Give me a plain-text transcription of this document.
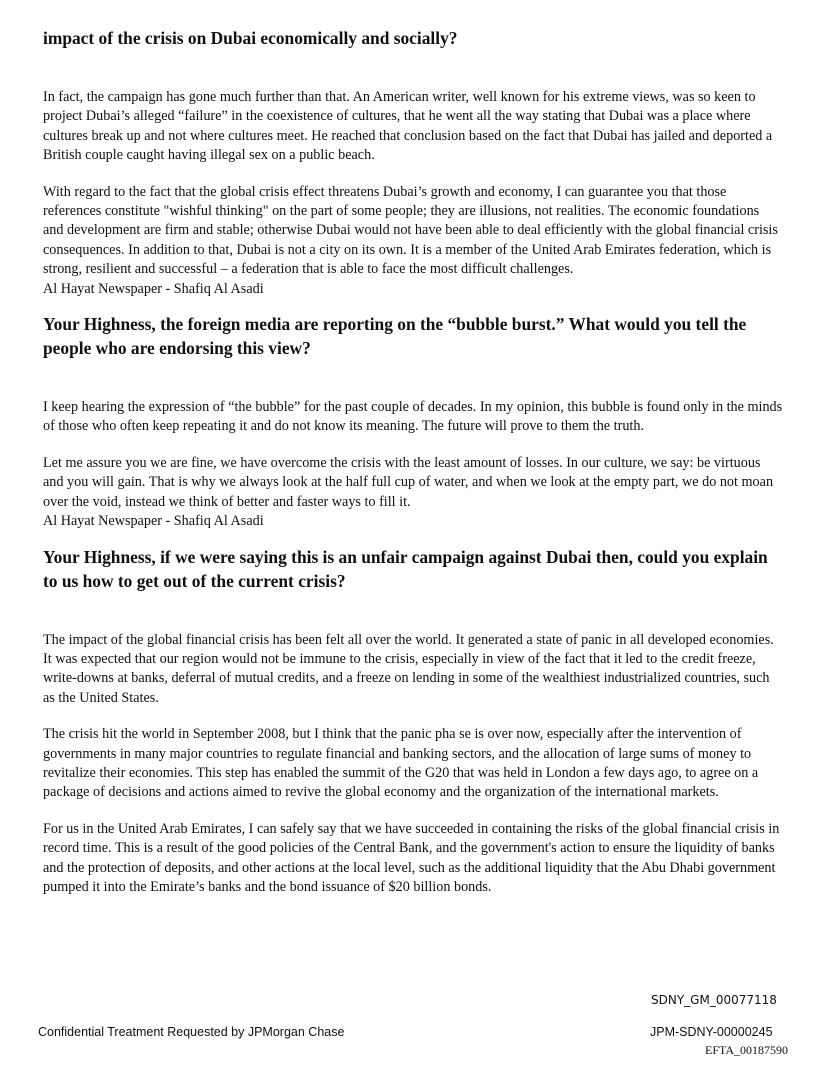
impact of the crisis on Dubai economically and socially?

In fact, the campaign has gone much further than that. An American writer, well known for his extreme views, was so keen to project Dubai’s alleged “failure” in the coexistence of cultures, that he went all the way stating that Dubai was a place where cultures break up and not where cultures meet. He reached that conclusion based on the fact that Dubai has jailed and deported a British couple caught having illegal sex on a public beach.

With regard to the fact that the global crisis effect threatens Dubai’s growth and economy, I can guarantee you that those references constitute "wishful thinking" on the part of some people; they are illusions, not realities. The economic foundations and development are firm and stable; otherwise Dubai would not have been able to deal efficiently with the global financial crisis consequences. In addition to that, Dubai is not a city on its own. It is a member of the United Arab Emirates federation, which is strong, resilient and successful – a federation that is able to face the most difficult challenges.

Al Hayat Newspaper - Shafiq Al Asadi

Your Highness, the foreign media are reporting on the “bubble burst.” What would you tell the people who are endorsing this view?

I keep hearing the expression of “the bubble” for the past couple of decades. In my opinion, this bubble is found only in the minds of those who often keep repeating it and do not know its meaning. The future will prove to them the truth.

Let me assure you we are fine, we have overcome the crisis with the least amount of losses. In our culture, we say: be virtuous and you will gain. That is why we always look at the half full cup of water, and when we look at the empty part, we do not moan over the void, instead we think of better and faster ways to fill it.

Al Hayat Newspaper - Shafiq Al Asadi

Your Highness, if we were saying this is an unfair campaign against Dubai then, could you explain to us how to get out of the current crisis?

The impact of the global financial crisis has been felt all over the world. It generated a state of panic in all developed economies. It was expected that our region would not be immune to the crisis, especially in view of the fact that it led to the credit freeze, write-downs at banks, deferral of mutual credits, and a freeze on lending in some of the wealthiest industrialized countries, such as the United States.

The crisis hit the world in September 2008, but I think that the panic pha se is over now, especially after the intervention of governments in many major countries to regulate financial and banking sectors, and the allocation of large sums of money to revitalize their economies. This step has enabled the summit of the G20 that was held in London a few days ago, to agree on a package of decisions and actions aimed to revive the global economy and the organization of the international markets.

For us in the United Arab Emirates, I can safely say that we have succeeded in containing the risks of the global financial crisis in record time. This is a result of the good policies of the Central Bank, and the government's action to ensure the liquidity of banks and the protection of deposits, and other actions at the local level, such as the additional liquidity that the Abu Dhabi government pumped it into the Emirate’s banks and the bond issuance of $20 billion bonds.

SDNY_GM_00077118
Confidential Treatment Requested by JPMorgan Chase	JPM-SDNY-00000245
EFTA_00187590
